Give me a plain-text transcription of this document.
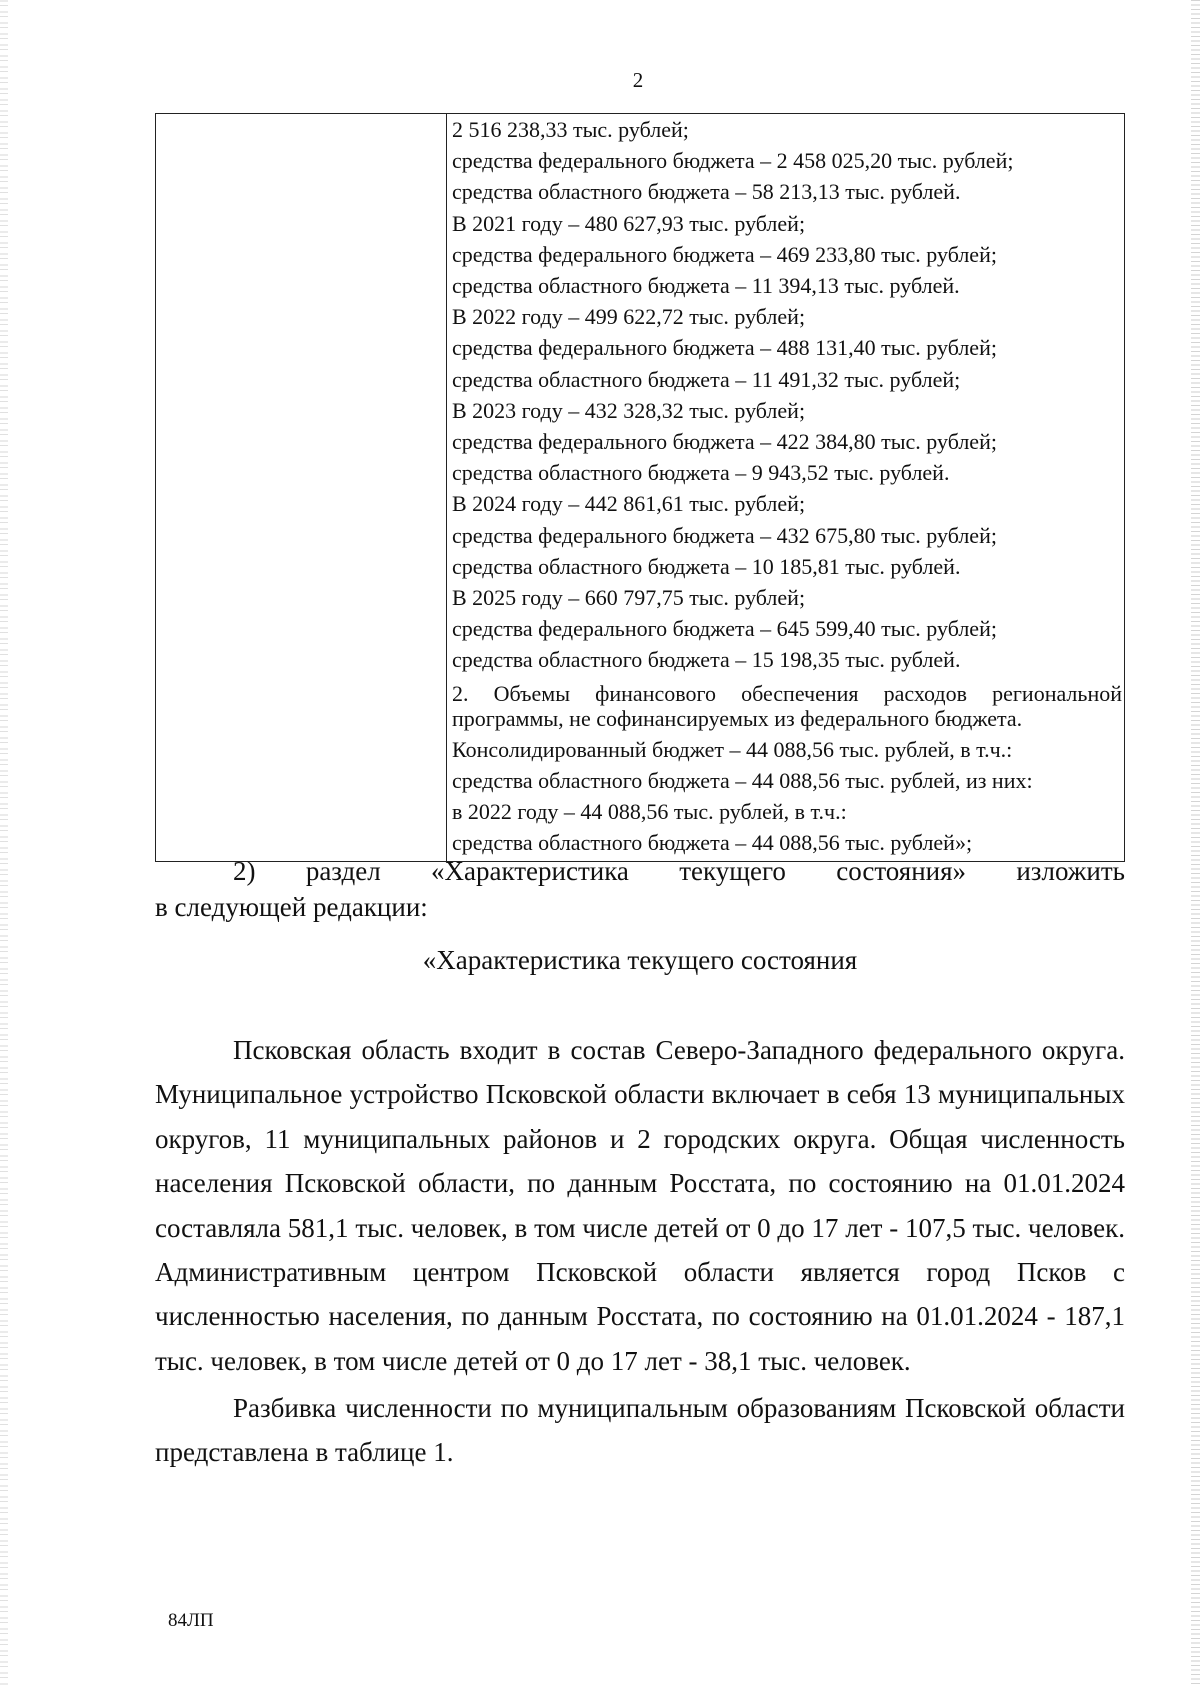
2

2 516 238,33 тыс. рублей;
средства федерального бюджета – 2 458 025,20 тыс. рублей;
средства областного бюджета – 58 213,13 тыс. рублей.
В 2021 году – 480 627,93 тыс. рублей;
средства федерального бюджета – 469 233,80 тыс. рублей;
средства областного бюджета – 11 394,13 тыс. рублей.
В 2022 году – 499 622,72 тыс. рублей;
средства федерального бюджета – 488 131,40 тыс. рублей;
средства областного бюджета – 11 491,32 тыс. рублей;
В 2023 году – 432 328,32 тыс. рублей;
средства федерального бюджета – 422 384,80 тыс. рублей;
средства областного бюджета – 9 943,52 тыс. рублей.
В 2024 году – 442 861,61 тыс. рублей;
средства федерального бюджета – 432 675,80 тыс. рублей;
средства областного бюджета – 10 185,81 тыс. рублей.
В 2025 году – 660 797,75 тыс. рублей;
средства федерального бюджета – 645 599,40 тыс. рублей;
средства областного бюджета – 15 198,35 тыс. рублей.
2. Объемы финансового обеспечения расходов региональной программы, не софинансируемых из федерального бюджета.
Консолидированный бюджет – 44 088,56 тыс. рублей, в т.ч.:
средства областного бюджета – 44 088,56 тыс. рублей, из них:
в 2022 году – 44 088,56 тыс. рублей, в т.ч.:
средства областного бюджета – 44 088,56 тыс. рублей»;
2) раздел «Характеристика текущего состояния» изложить
в следующей редакции:
«Характеристика текущего состояния
Псковская область входит в состав Северо-Западного федерального округа. Муниципальное устройство Псковской области включает в себя 13 муниципальных округов, 11 муниципальных районов и 2 городских округа. Общая численность населения Псковской области, по данным Росстата, по состоянию на 01.01.2024 составляла 581,1 тыс. человек, в том числе детей от 0 до 17 лет - 107,5 тыс. человек. Административным центром Псковской области является город Псков с численностью населения, по данным Росстата, по состоянию на 01.01.2024 - 187,1 тыс. человек, в том числе детей от 0 до 17 лет - 38,1 тыс. человек.
Разбивка численности по муниципальным образованиям Псковской области представлена в таблице 1.
84ЛП
